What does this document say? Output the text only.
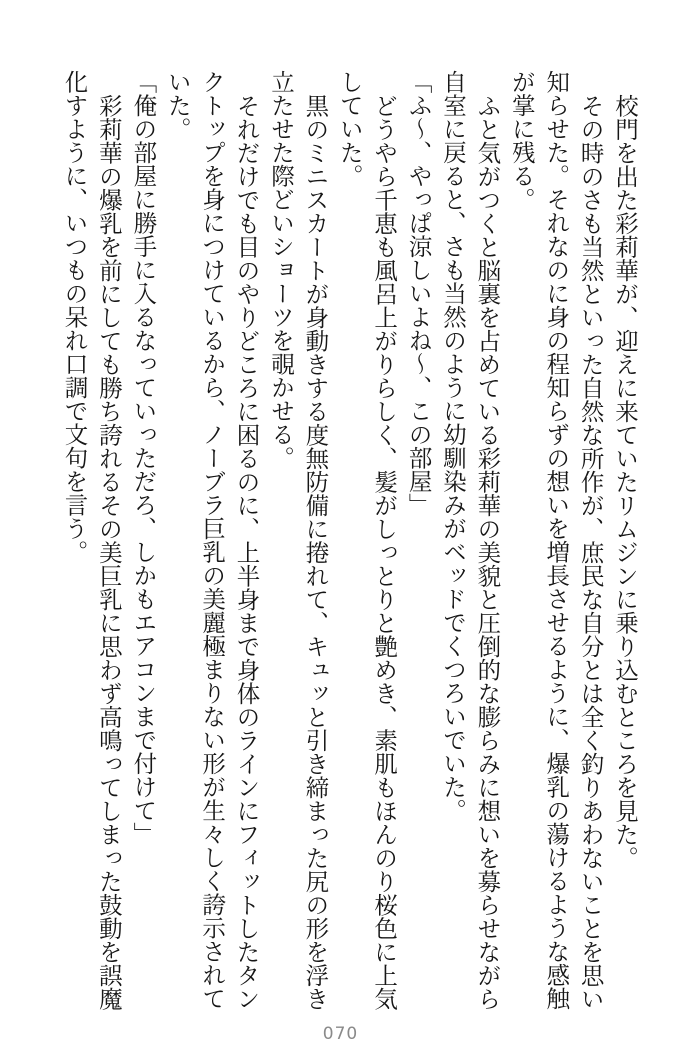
校門を出た彩莉華が、迎えに来ていたリムジンに乗り込むところを見た。

その時のさも当然といった自然な所作が、庶民な自分とは全く釣りあわないことを思い知らせた。それなのに身の程知らずの想いを増長させるように、爆乳の蕩けるような感触が掌に残る。

ふと気がつくと脳裏を占めている彩莉華の美貌と圧倒的な膨らみに想いを募らせながら自室に戻ると、さも当然のように幼馴染みがベッドでくつろいでいた。

「ふ〜、やっぱ涼しいよね〜、この部屋」

どうやら千恵も風呂上がりらしく、髪がしっとりと艶めき、素肌もほんのり桜色に上気していた。

黒のミニスカートが身動きする度無防備に捲れて、キュッと引き締まった尻の形を浮き立たせた際どいショーツを覗かせる。

それだけでも目のやりどころに困るのに、上半身まで身体のラインにフィットしたタンクトップを身につけているから、ノーブラ巨乳の美麗極まりない形が生々しく誇示されていた。

「俺の部屋に勝手に入るなっていっただろ、しかもエアコンまで付けて」

彩莉華の爆乳を前にしても勝ち誇れるその美巨乳に思わず高鳴ってしまった鼓動を誤魔化すように、いつもの呆れ口調で文句を言う。

070
